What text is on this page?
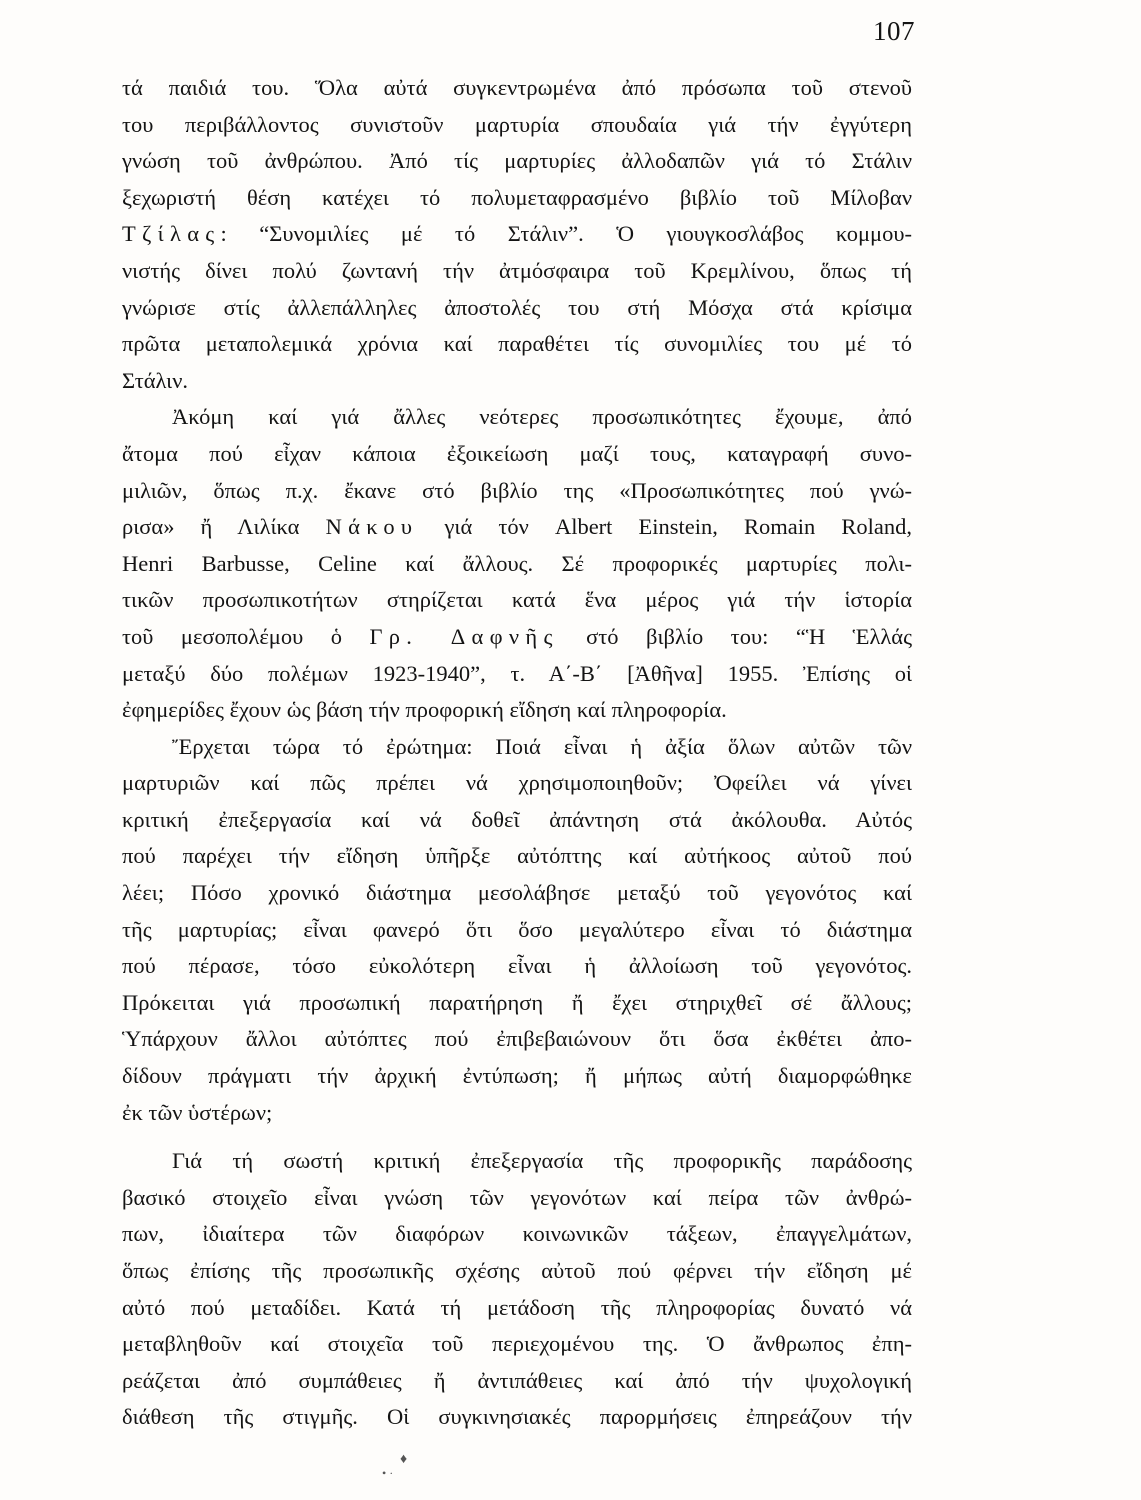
107
τά παιδιά του. Ὅλα αὐτά συγκεντρωμένα ἀπό πρόσωπα τοῦ στενοῦ
του περιβάλλοντος συνιστοῦν μαρτυρία σπουδαία γιά τήν ἐγγύτερη
γνώση τοῦ ἀνθρώπου. Ἀπό τίς μαρτυρίες ἀλλοδαπῶν γιά τό Στάλιν
ξεχωριστή θέση κατέχει τό πολυμεταφρασμένο βιβλίο τοῦ Μίλοβαν
Τζίλας: “Συνομιλίες μέ τό Στάλιν”. Ὁ γιουγκοσλάβος κομμου-
νιστής δίνει πολύ ζωντανή τήν ἀτμόσφαιρα τοῦ Κρεμλίνου, ὅπως τή
γνώρισε στίς ἀλλεπάλληλες ἀποστολές του στή Μόσχα στά κρίσιμα
πρῶτα μεταπολεμικά χρόνια καί παραθέτει τίς συνομιλίες του μέ τό
Στάλιν.
Ἀκόμη καί γιά ἄλλες νεότερες προσωπικότητες ἔχουμε, ἀπό
ἄτομα πού εἶχαν κάποια ἐξοικείωση μαζί τους, καταγραφή συνο-
μιλιῶν, ὅπως π.χ. ἔκανε στό βιβλίο της «Προσωπικότητες πού γνώ-
ρισα» ἤ Λιλίκα Νάκου γιά τόν Albert Einstein, Romain Roland,
Henri Barbusse, Celine καί ἄλλους. Σέ προφορικές μαρτυρίες πολι-
τικῶν προσωπικοτήτων στηρίζεται κατά ἕνα μέρος γιά τήν ἱστορία
τοῦ μεσοπολέμου ὁ Γρ. Δαφνῆς στό βιβλίο του: “Ἡ Ἑλλάς
μεταξύ δύο πολέμων 1923-1940”, τ. Α΄-Β΄ [Ἀθῆνα] 1955. Ἐπίσης οἱ
ἐφημερίδες ἔχουν ὡς βάση τήν προφορική εἴδηση καί πληροφορία.
Ἔρχεται τώρα τό ἐρώτημα: Ποιά εἶναι ἡ ἀξία ὅλων αὐτῶν τῶν
μαρτυριῶν καί πῶς πρέπει νά χρησιμοποιηθοῦν; Ὀφείλει νά γίνει
κριτική ἐπεξεργασία καί νά δοθεῖ ἀπάντηση στά ἀκόλουθα. Αὐτός
πού παρέχει τήν εἴδηση ὑπῆρξε αὐτόπτης καί αὐτήκοος αὐτοῦ πού
λέει; Πόσο χρονικό διάστημα μεσολάβησε μεταξύ τοῦ γεγονότος καί
τῆς μαρτυρίας; εἶναι φανερό ὅτι ὅσο μεγαλύτερο εἶναι τό διάστημα
πού πέρασε, τόσο εὐκολότερη εἶναι ἡ ἀλλοίωση τοῦ γεγονότος.
Πρόκειται γιά προσωπική παρατήρηση ἤ ἔχει στηριχθεῖ σέ ἄλλους;
Ὑπάρχουν ἄλλοι αὐτόπτες πού ἐπιβεβαιώνουν ὅτι ὅσα ἐκθέτει ἀπο-
δίδουν πράγματι τήν ἀρχική ἐντύπωση; ἤ μήπως αὐτή διαμορφώθηκε
ἐκ τῶν ὑστέρων;
Γιά τή σωστή κριτική ἐπεξεργασία τῆς προφορικῆς παράδοσης
βασικό στοιχεῖο εἶναι γνώση τῶν γεγονότων καί πείρα τῶν ἀνθρώ-
πων, ἰδιαίτερα τῶν διαφόρων κοινωνικῶν τάξεων, ἐπαγγελμάτων,
ὅπως ἐπίσης τῆς προσωπικῆς σχέσης αὐτοῦ πού φέρνει τήν εἴδηση μέ
αὐτό πού μεταδίδει. Κατά τή μετάδοση τῆς πληροφορίας δυνατό νά
μεταβληθοῦν καί στοιχεῖα τοῦ περιεχομένου της. Ὁ ἄνθρωπος ἐπη-
ρεάζεται ἀπό συμπάθειες ἤ ἀντιπάθειες καί ἀπό τήν ψυχολογική
διάθεση τῆς στιγμῆς. Οἱ συγκινησιακές παρορμήσεις ἐπηρεάζουν τήν
• ·
♦
